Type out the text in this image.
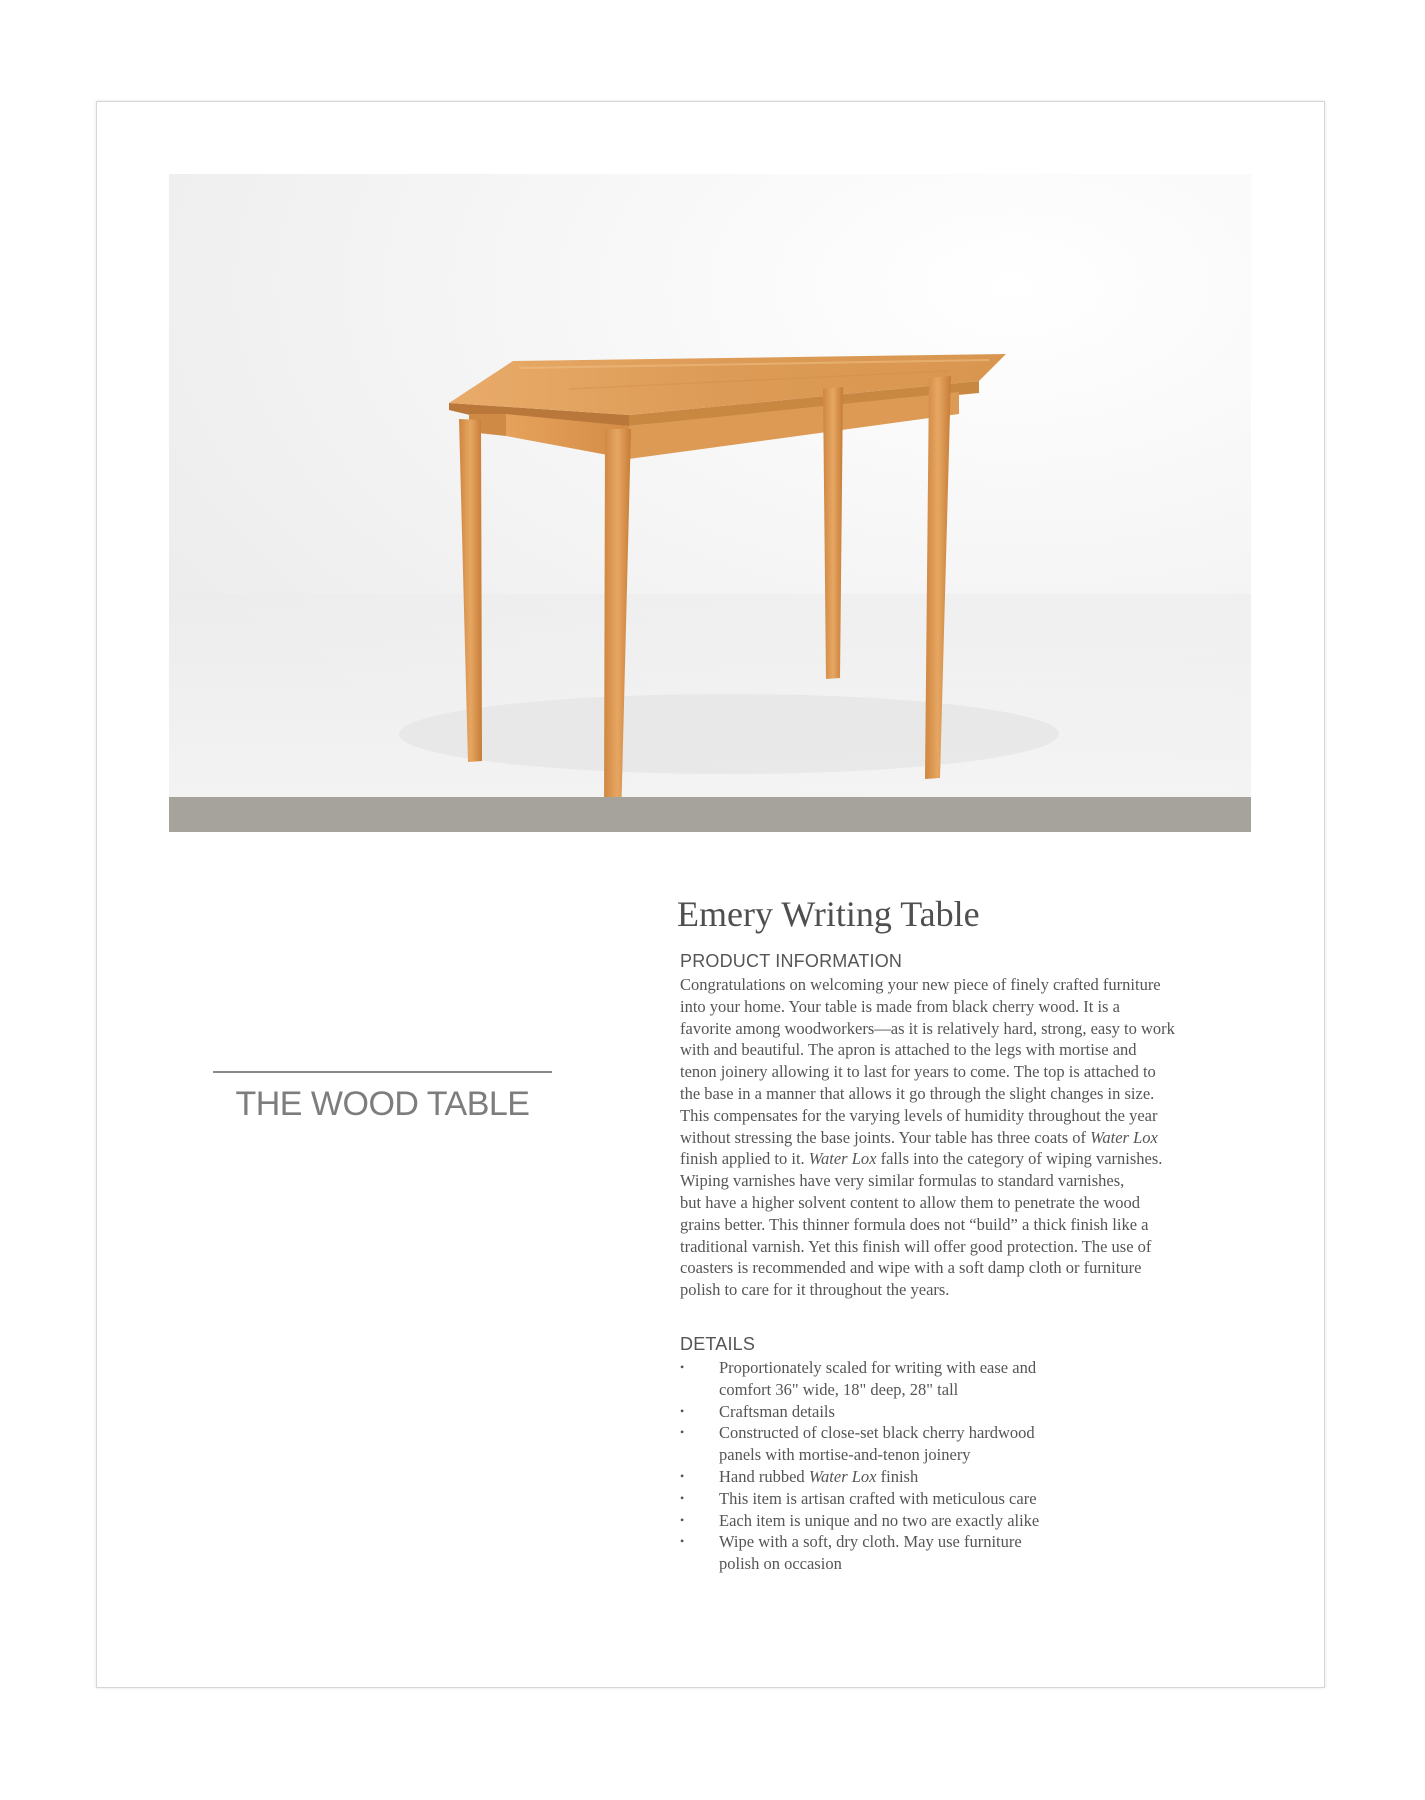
THE WOOD TABLE
Emery Writing Table
PRODUCT INFORMATION

Congratulations on welcoming your new piece of finely crafted furniture
into your home. Your table is made from black cherry wood. It is a
favorite among woodworkers—as it is relatively hard, strong, easy to work
with and beautiful. The apron is attached to the legs with mortise and
tenon joinery allowing it to last for years to come. The top is attached to
the base in a manner that allows it go through the slight changes in size.
This compensates for the varying levels of humidity throughout the year
without stressing the base joints. Your table has three coats of Water Lox
finish applied to it. Water Lox falls into the category of wiping varnishes.
Wiping varnishes have very similar formulas to standard varnishes,
but have a higher solvent content to allow them to penetrate the wood
grains better. This thinner formula does not “build” a thick finish like a
traditional varnish. Yet this finish will offer good protection. The use of
coasters is recommended and wipe with a soft damp cloth or furniture
polish to care for it throughout the years.

DETAILS
• Proportionately scaled for writing with ease and
comfort 36" wide, 18" deep, 28" tall
• Craftsman details
• Constructed of close-set black cherry hardwood
panels with mortise-and-tenon joinery
• Hand rubbed Water Lox finish
• This item is artisan crafted with meticulous care
• Each item is unique and no two are exactly alike
• Wipe with a soft, dry cloth. May use furniture
polish on occasion
